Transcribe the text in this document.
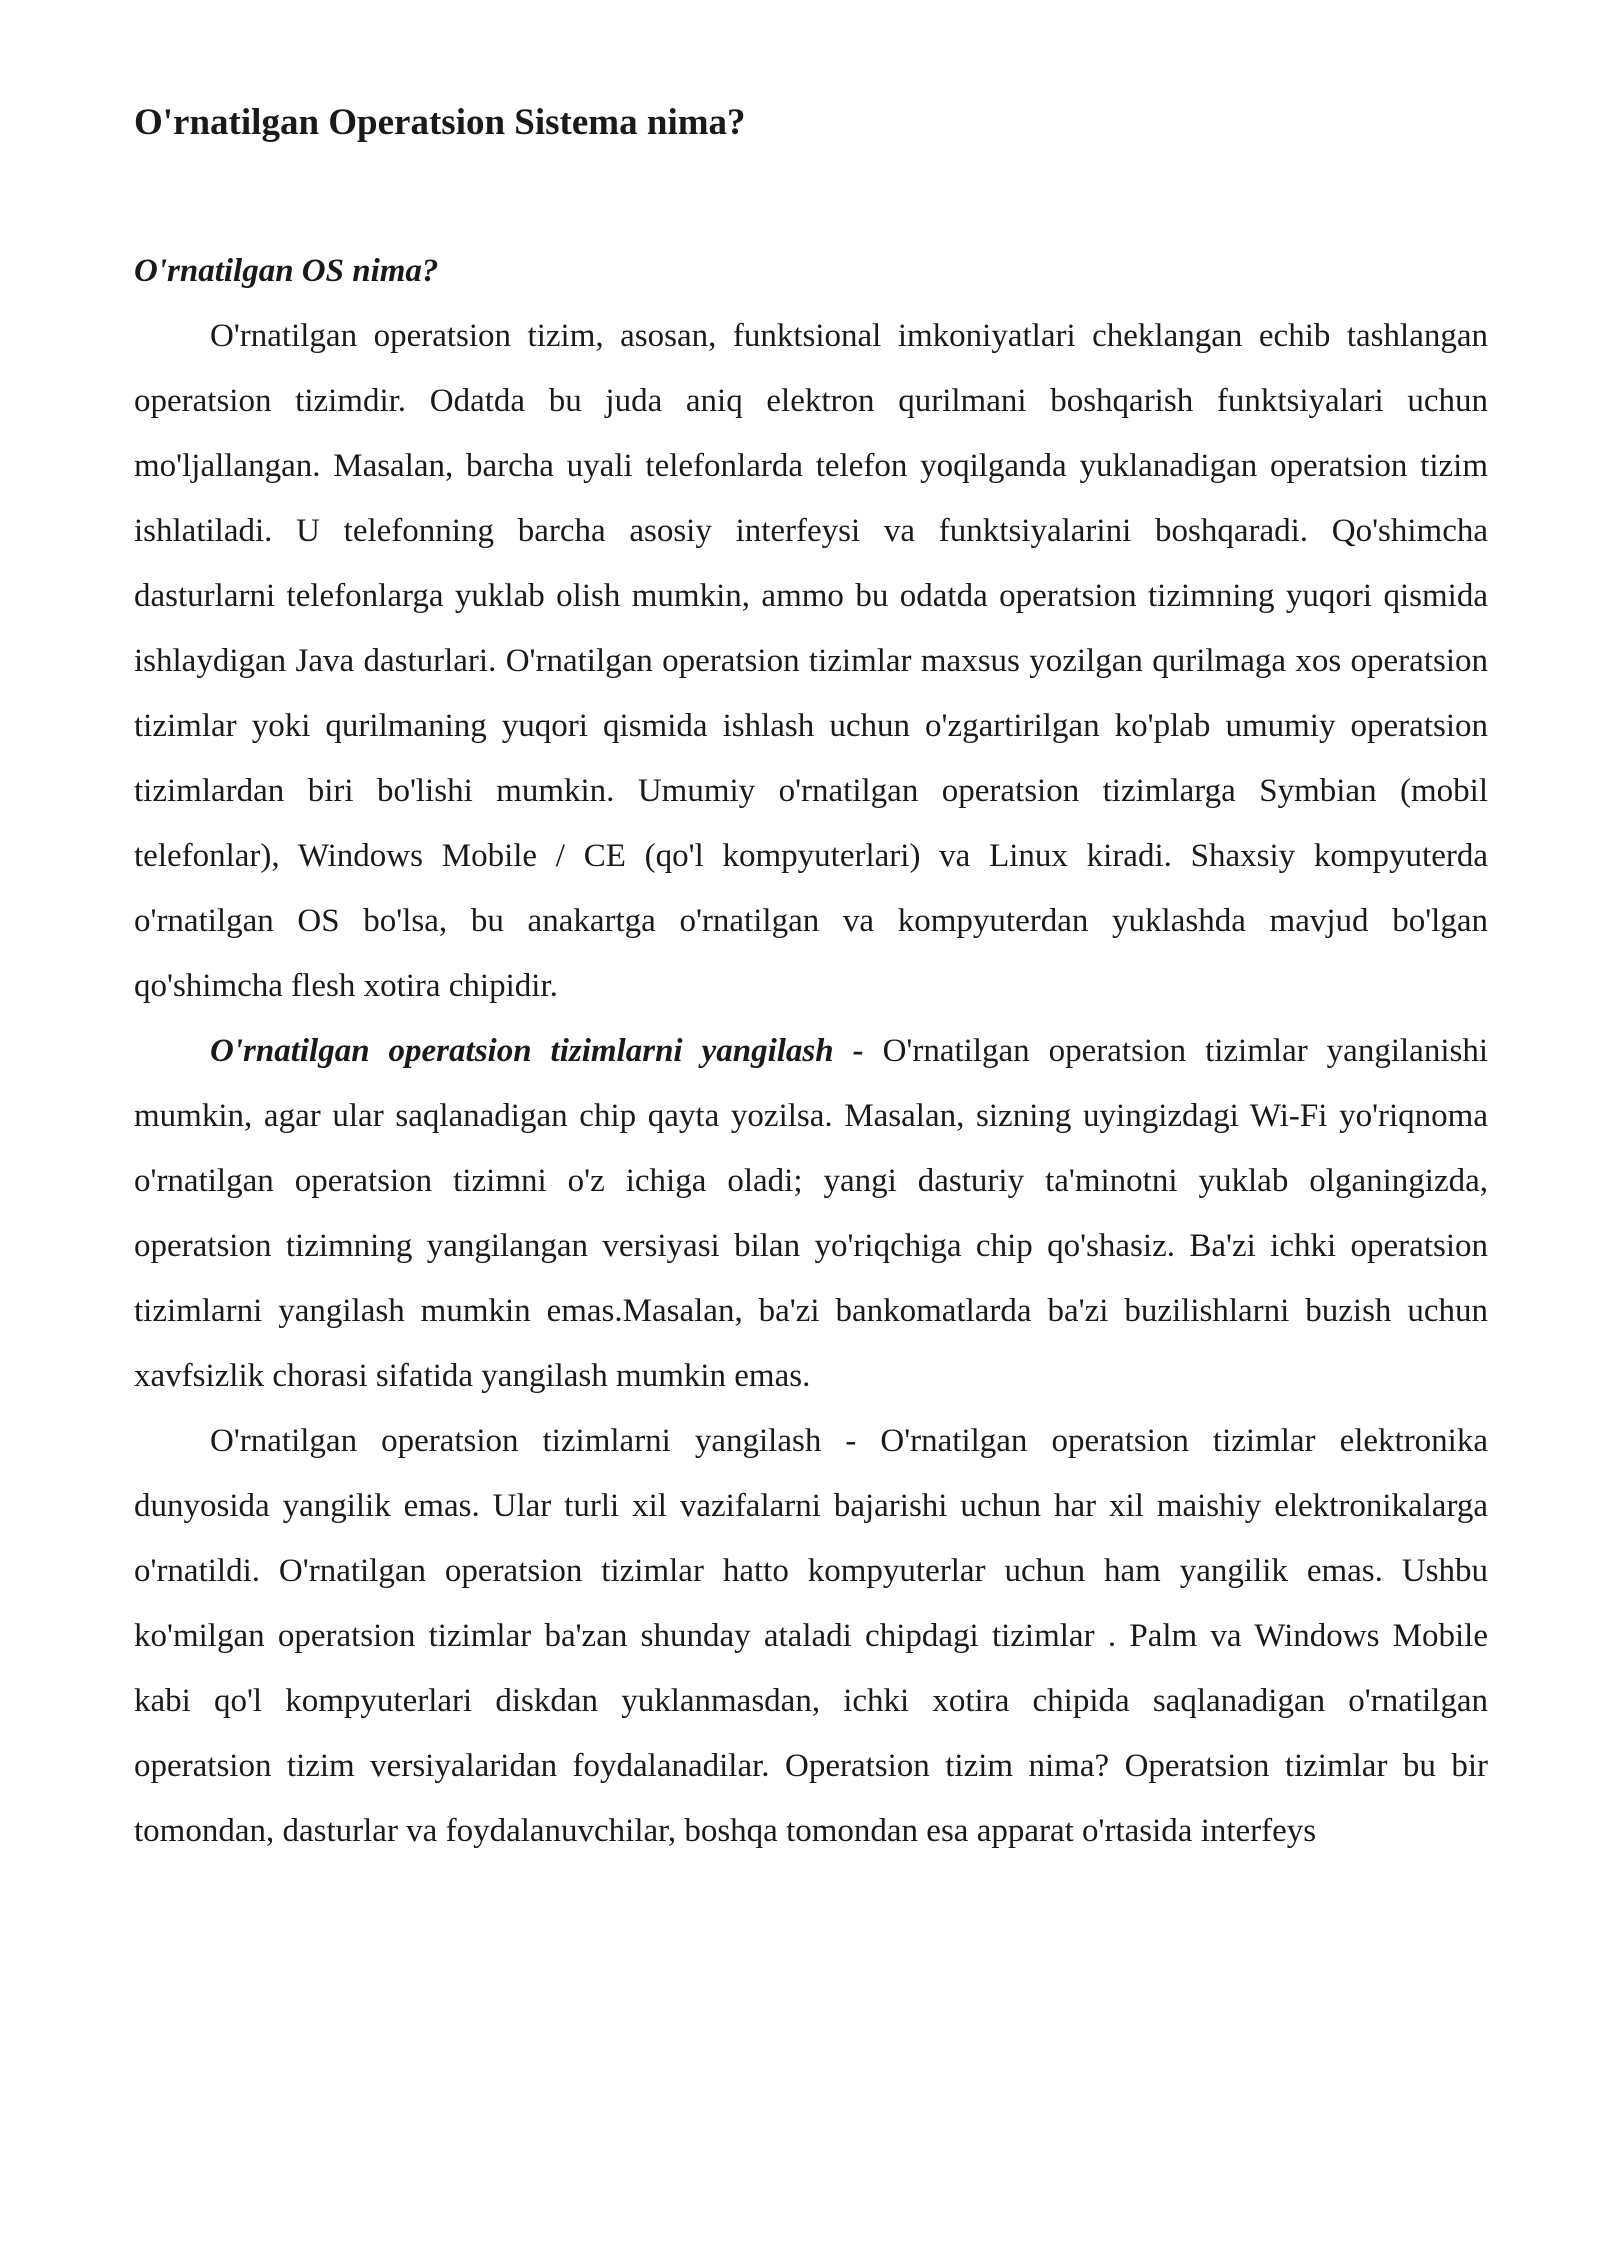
O'rnatilgan Operatsion Sistema nima?
O'rnatilgan OS nima?

O'rnatilgan operatsion tizim, asosan, funktsional imkoniyatlari cheklangan echib tashlangan operatsion tizimdir. Odatda bu juda aniq elektron qurilmani boshqarish funktsiyalari uchun mo'ljallangan. Masalan, barcha uyali telefonlarda telefon yoqilganda yuklanadigan operatsion tizim ishlatiladi. U telefonning barcha asosiy interfeysi va funktsiyalarini boshqaradi. Qo'shimcha dasturlarni telefonlarga yuklab olish mumkin, ammo bu odatda operatsion tizimning yuqori qismida ishlaydigan Java dasturlari. O'rnatilgan operatsion tizimlar maxsus yozilgan qurilmaga xos operatsion tizimlar yoki qurilmaning yuqori qismida ishlash uchun o'zgartirilgan ko'plab umumiy operatsion tizimlardan biri bo'lishi mumkin. Umumiy o'rnatilgan operatsion tizimlarga Symbian (mobil telefonlar), Windows Mobile / CE (qo'l kompyuterlari) va Linux kiradi. Shaxsiy kompyuterda o'rnatilgan OS bo'lsa, bu anakartga o'rnatilgan va kompyuterdan yuklashda mavjud bo'lgan qo'shimcha flesh xotira chipidir.

O'rnatilgan operatsion tizimlarni yangilash - O'rnatilgan operatsion tizimlar yangilanishi mumkin, agar ular saqlanadigan chip qayta yozilsa. Masalan, sizning uyingizdagi Wi-Fi yo'riqnoma o'rnatilgan operatsion tizimni o'z ichiga oladi; yangi dasturiy ta'minotni yuklab olganingizda, operatsion tizimning yangilangan versiyasi bilan yo'riqchiga chip qo'shasiz. Ba'zi ichki operatsion tizimlarni yangilash mumkin emas.Masalan, ba'zi bankomatlarda ba'zi buzilishlarni buzish uchun xavfsizlik chorasi sifatida yangilash mumkin emas.

O'rnatilgan operatsion tizimlarni yangilash - O'rnatilgan operatsion tizimlar elektronika dunyosida yangilik emas. Ular turli xil vazifalarni bajarishi uchun har xil maishiy elektronikalarga o'rnatildi. O'rnatilgan operatsion tizimlar hatto kompyuterlar uchun ham yangilik emas. Ushbu ko'milgan operatsion tizimlar ba'zan shunday ataladi chipdagi tizimlar . Palm va Windows Mobile kabi qo'l kompyuterlari diskdan yuklanmasdan, ichki xotira chipida saqlanadigan o'rnatilgan operatsion tizim versiyalaridan foydalanadilar. Operatsion tizim nima? Operatsion tizimlar bu bir tomondan, dasturlar va foydalanuvchilar, boshqa tomondan esa apparat o'rtasida interfeys
